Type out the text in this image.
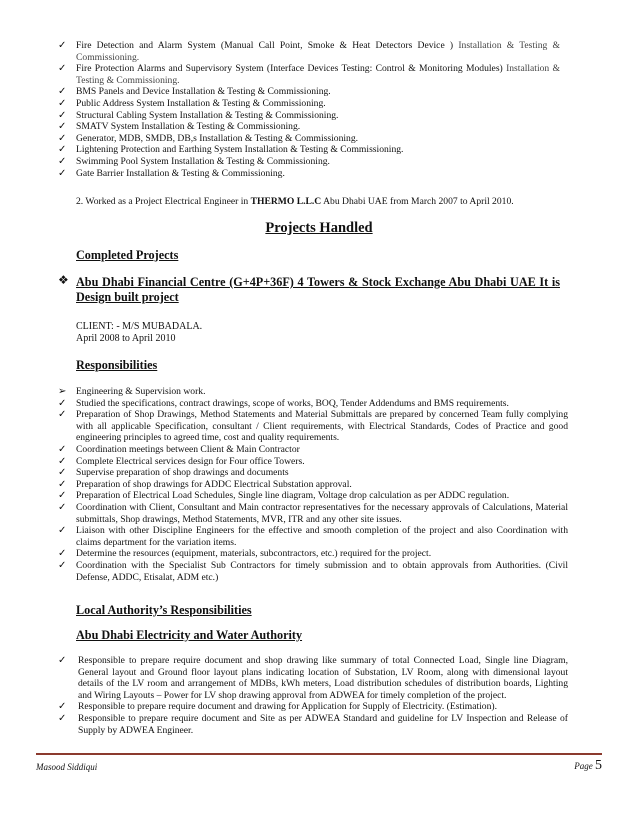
✓ Fire Detection and Alarm System (Manual Call Point, Smoke & Heat Detectors Device ) Installation & Testing & Commissioning.
✓ Fire Protection Alarms and Supervisory System (Interface Devices Testing: Control & Monitoring Modules) Installation & Testing & Commissioning.
✓ BMS Panels and Device Installation & Testing & Commissioning.
✓ Public Address System Installation & Testing & Commissioning.
✓ Structural Cabling System Installation & Testing & Commissioning.
✓ SMATV System Installation & Testing & Commissioning.
✓ Generator, MDB, SMDB, DB,s Installation & Testing & Commissioning.
✓ Lightening Protection and Earthing System Installation & Testing & Commissioning.
✓ Swimming Pool System Installation & Testing & Commissioning.
✓ Gate Barrier Installation & Testing & Commissioning.
2. Worked as a Project Electrical Engineer in THERMO L.L.C Abu Dhabi UAE from March 2007 to April 2010.
Projects Handled
Completed Projects
❖ Abu Dhabi Financial Centre (G+4P+36F) 4 Towers & Stock Exchange Abu Dhabi UAE It is Design built project
CLIENT: - M/S MUBADALA.
April 2008 to April 2010
Responsibilities
➢ Engineering & Supervision work.
✓ Studied the specifications, contract drawings, scope of works, BOQ, Tender Addendums and BMS requirements.
✓ Preparation of Shop Drawings, Method Statements and Material Submittals are prepared by concerned Team fully complying with all applicable Specification, consultant / Client requirements, with Electrical Standards, Codes of Practice and good engineering principles to agreed time, cost and quality requirements.
✓ Coordination meetings between Client & Main Contractor
✓ Complete Electrical services design for Four office Towers.
✓ Supervise preparation of shop drawings and documents
✓ Preparation of shop drawings for ADDC Electrical Substation approval.
✓ Preparation of Electrical Load Schedules, Single line diagram, Voltage drop calculation as per ADDC regulation.
✓ Coordination with Client, Consultant and Main contractor representatives for the necessary approvals of Calculations, Material submittals, Shop drawings, Method Statements, MVR, ITR and any other site issues.
✓ Liaison with other Discipline Engineers for the effective and smooth completion of the project and also Coordination with claims department for the variation items.
✓ Determine the resources (equipment, materials, subcontractors, etc.) required for the project.
✓ Coordination with the Specialist Sub Contractors for timely submission and to obtain approvals from Authorities. (Civil Defense, ADDC, Etisalat, ADM etc.)
Local Authority’s Responsibilities
Abu Dhabi Electricity and Water Authority
✓ Responsible to prepare require document and shop drawing like summary of total Connected Load, Single line Diagram, General layout and Ground floor layout plans indicating location of Substation, LV Room, along with dimensional layout details of the LV room and arrangement of MDBs, kWh meters, Load distribution schedules of distribution boards, Lighting and Wiring Layouts – Power for LV shop drawing approval from ADWEA for timely completion of the project.
✓ Responsible to prepare require document and drawing for Application for Supply of Electricity. (Estimation).
✓ Responsible to prepare require document and Site as per ADWEA Standard and guideline for LV Inspection and Release of Supply by ADWEA Engineer.
Masood Siddiqui	Page 5
